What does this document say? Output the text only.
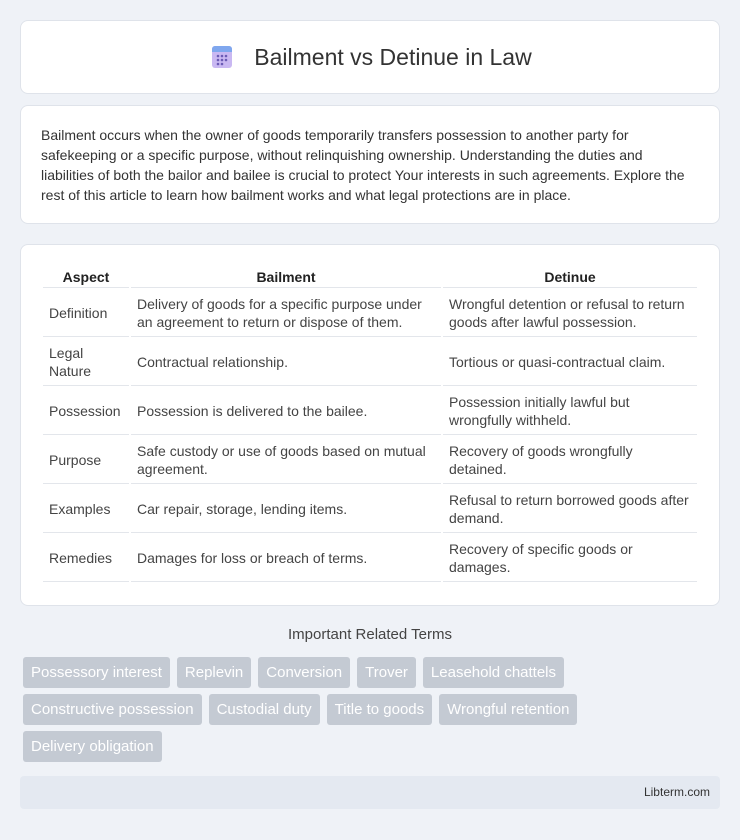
Bailment vs Detinue in Law

Bailment occurs when the owner of goods temporarily transfers possession to another party for safekeeping or a specific purpose, without relinquishing ownership. Understanding the duties and liabilities of both the bailor and bailee is crucial to protect Your interests in such agreements. Explore the rest of this article to learn how bailment works and what legal protections are in place.

Aspect	Bailment	Detinue
Definition	Delivery of goods for a specific purpose under an agreement to return or dispose of them.	Wrongful detention or refusal to return goods after lawful possession.
Legal Nature	Contractual relationship.	Tortious or quasi-contractual claim.
Possession	Possession is delivered to the bailee.	Possession initially lawful but wrongfully withheld.
Purpose	Safe custody or use of goods based on mutual agreement.	Recovery of goods wrongfully detained.
Examples	Car repair, storage, lending items.	Refusal to return borrowed goods after demand.
Remedies	Damages for loss or breach of terms.	Recovery of specific goods or damages.
Important Related Terms
Possessory interest	Replevin	Conversion	Trover	Leasehold chattels
Constructive possession	Custodial duty	Title to goods	Wrongful retention
Delivery obligation
Libterm.com
